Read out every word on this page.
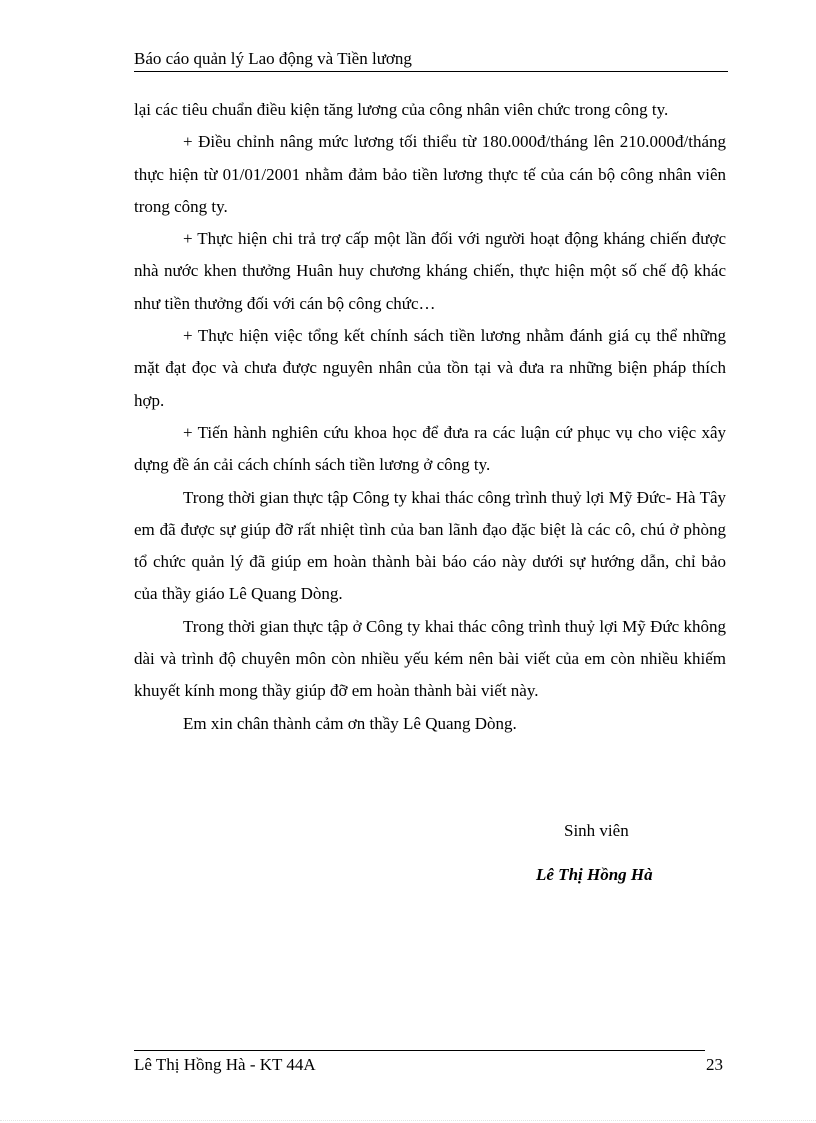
Báo cáo quản lý Lao động và Tiền lương

lại các tiêu chuẩn điều kiện tăng lương của công nhân viên chức trong công ty.

+ Điều chỉnh nâng mức lương tối thiểu từ 180.000đ/tháng lên 210.000đ/tháng thực hiện từ 01/01/2001 nhằm đảm bảo tiền lương thực tế của cán bộ công nhân viên trong công ty.

+ Thực hiện chi trả trợ cấp một lần đối với người hoạt động kháng chiến được nhà nước khen thưởng Huân huy chương kháng chiến, thực hiện một số chế độ khác như tiền thưởng đối với cán bộ công chức…

+ Thực hiện việc tổng kết chính sách tiền lương nhằm đánh giá cụ thể những mặt đạt đọc và chưa được nguyên nhân của tồn tại và đưa ra những biện pháp thích hợp.

+ Tiến hành nghiên cứu khoa học để đưa ra các luận cứ phục vụ cho việc xây dựng đề án cải cách chính sách tiền lương ở công ty.

Trong thời gian thực tập Công ty khai thác công trình thuỷ lợi Mỹ Đức- Hà Tây em đã được sự giúp đỡ rất nhiệt tình của ban lãnh đạo đặc biệt là các cô, chú ở phòng tổ chức quản lý đã giúp em hoàn thành bài báo cáo này dưới sự hướng dẫn, chỉ bảo của thầy giáo Lê Quang Dòng.

Trong thời gian thực tập ở Công ty khai thác công trình thuỷ lợi Mỹ Đức không dài và trình độ chuyên môn còn nhiều yếu kém nên bài viết của em còn nhiều khiếm khuyết kính mong thầy giúp đỡ em hoàn thành bài viết này.

Em xin chân thành cảm ơn thầy Lê Quang Dòng.

Sinh viên
Lê Thị Hồng Hà
Lê Thị Hồng Hà - KT 44A	23
